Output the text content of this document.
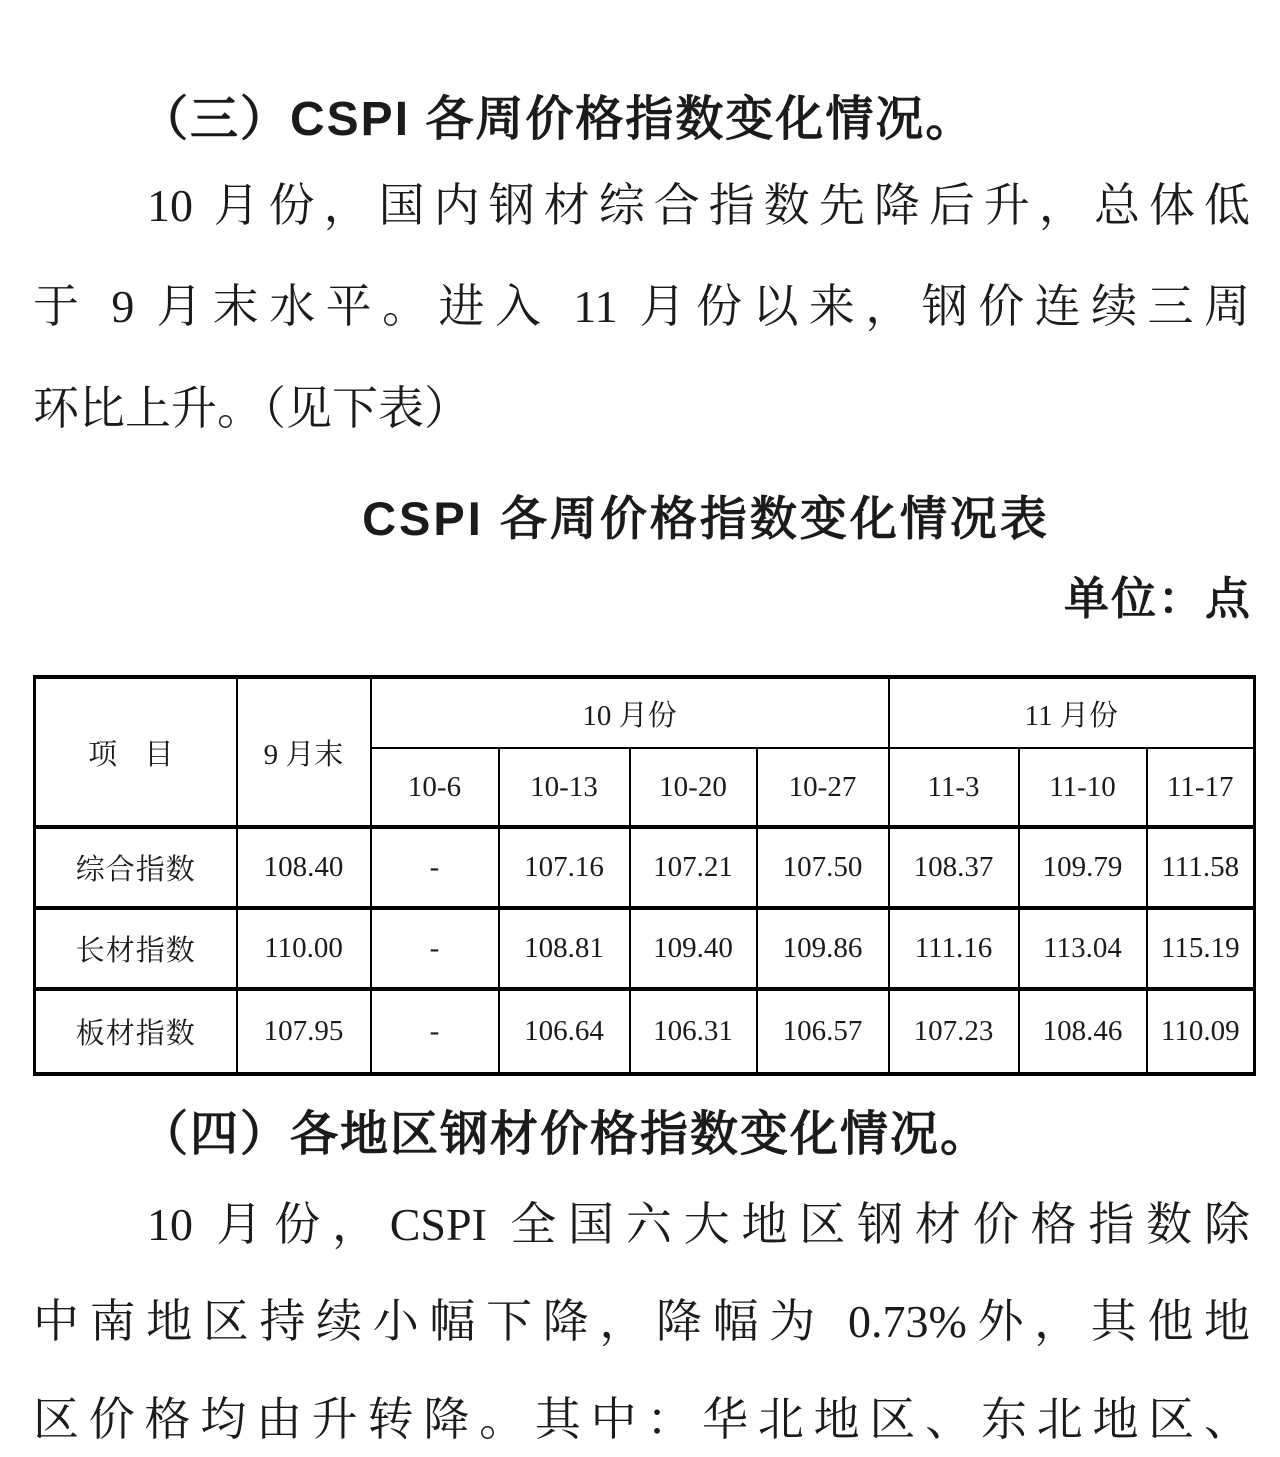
（三）CSPI 各周价格指数变化情况。
10 月份，国内钢材综合指数先降后升，总体低
于 9 月末水平。进入 11 月份以来，钢价连续三周
环比上升。（见下表）
CSPI 各周价格指数变化情况表
单位：点
项 目	9 月末	10 月份				11 月份		
		10-6	10-13	10-20	10-27	11-3	11-10	11-17
综合指数	108.40	-	107.16	107.21	107.50	108.37	109.79	111.58
长材指数	110.00	-	108.81	109.40	109.86	111.16	113.04	115.19
板材指数	107.95	-	106.64	106.31	106.57	107.23	108.46	110.09
（四）各地区钢材价格指数变化情况。
10 月份，CSPI 全国六大地区钢材价格指数除
中南地区持续小幅下降，降幅为 0.73%外，其他地
区价格均由升转降。其中：华北地区、东北地区、
